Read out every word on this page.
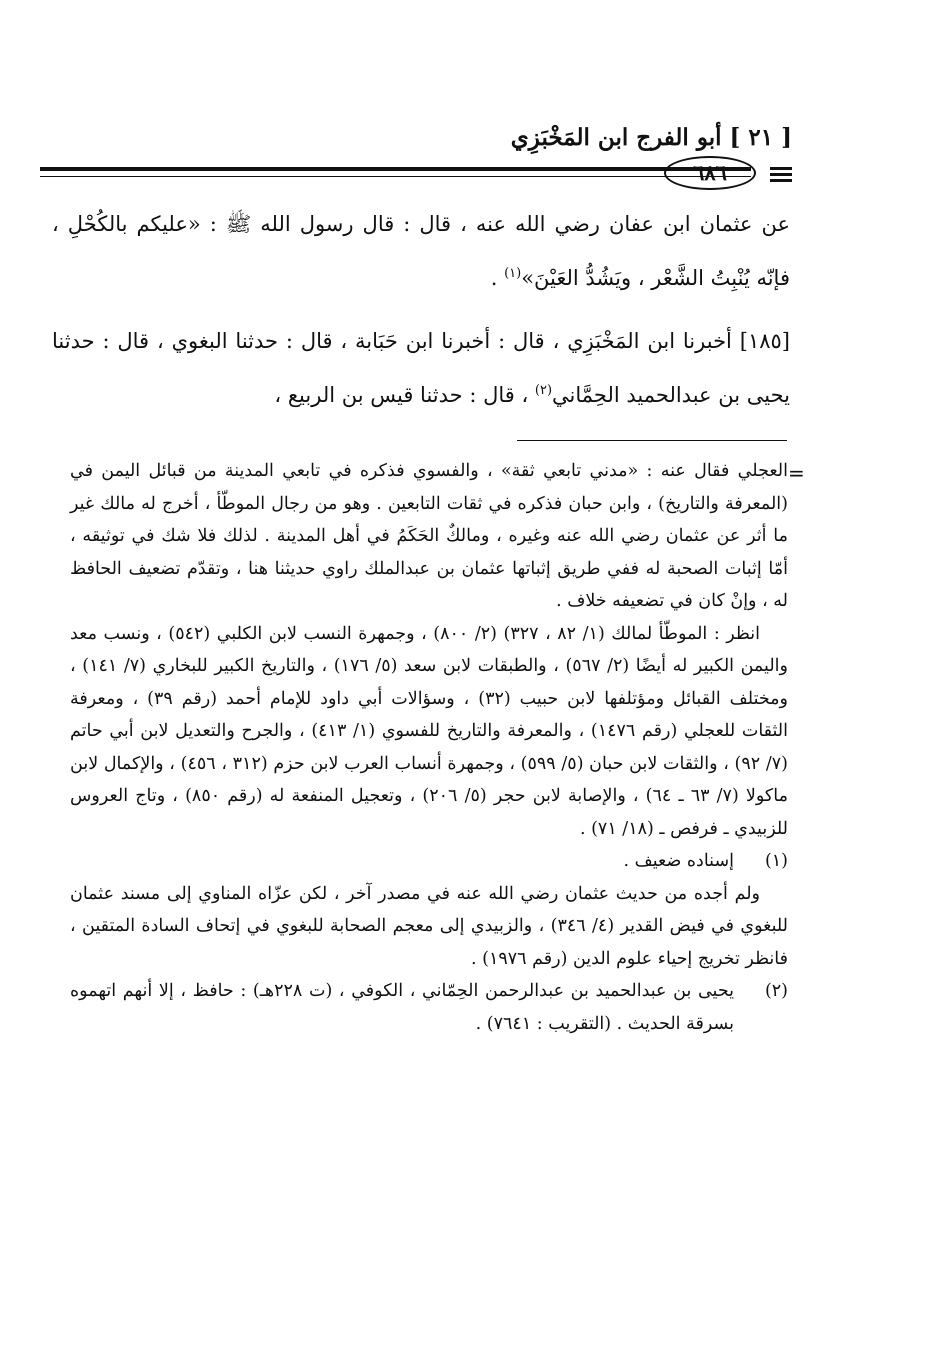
[ ٢١ ] أبو الفرج ابن المَخْبَزِي
٦٨٦

عن عثمان ابن عفان رضي الله عنه ، قال : قال رسول الله ﷺ : «عليكم بالكُحْلِ ، فإنّه يُنْبِتُ الشَّعْر ، ويَشُدُّ العَيْنَ»$^{(١)}$ .

[١٨٥] أخبرنا ابن المَخْبَزِي ، قال : أخبرنا ابن حَبَابة ، قال : حدثنا البغوي ، قال : حدثنا يحيى بن عبدالحميد الحِمَّاني$^{(٢)}$ ، قال : حدثنا قيس بن الربيع ،

=
العجلي فقال عنه : «مدني تابعي ثقة» ، والفسوي فذكره في تابعي المدينة من قبائل اليمن في (المعرفة والتاريخ) ، وابن حبان فذكره في ثقات التابعين . وهو من رجال الموطّأ ، أخرج له مالك غير ما أثر عن عثمان رضي الله عنه وغيره ، ومالكٌ الحَكَمُ في أهل المدينة . لذلك فلا شك في توثيقه ، أمّا إثبات الصحبة له ففي طريق إثباتها عثمان بن عبدالملك راوي حديثنا هنا ، وتقدّم تضعيف الحافظ له ، وإنْ كان في تضعيفه خلاف .
انظر : الموطّأ لمالك (١/ ٨٢ ، ٣٢٧) (٢/ ٨٠٠) ، وجمهرة النسب لابن الكلبي (٥٤٢) ، ونسب معد واليمن الكبير له أيضًا (٢/ ٥٦٧) ، والطبقات لابن سعد (٥/ ١٧٦) ، والتاريخ الكبير للبخاري (٧/ ١٤١) ، ومختلف القبائل ومؤتلفها لابن حبيب (٣٢) ، وسؤالات أبي داود للإمام أحمد (رقم ٣٩) ، ومعرفة الثقات للعجلي (رقم ١٤٧٦) ، والمعرفة والتاريخ للفسوي (١/ ٤١٣) ، والجرح والتعديل لابن أبي حاتم (٧/ ٩٢) ، والثقات لابن حبان (٥/ ٥٩٩) ، وجمهرة أنساب العرب لابن حزم (٣١٢ ، ٤٥٦) ، والإكمال لابن ماكولا (٧/ ٦٣ ـ ٦٤) ، والإصابة لابن حجر (٥/ ٢٠٦) ، وتعجيل المنفعة له (رقم ٨٥٠) ، وتاج العروس للزبيدي ـ فرفص ـ (١٨/ ٧١) .
(١)
إسناده ضعيف .
ولم أجده من حديث عثمان رضي الله عنه في مصدر آخر ، لكن عزّاه المناوي إلى مسند عثمان للبغوي في فيض القدير (٤/ ٣٤٦) ، والزبيدي إلى معجم الصحابة للبغوي في إتحاف السادة المتقين ، فانظر تخريج إحياء علوم الدين (رقم ١٩٧٦) .
(٢)
يحيى بن عبدالحميد بن عبدالرحمن الحِمّاني ، الكوفي ، (ت ٢٢٨هـ) : حافظ ، إلا أنهم اتهموه بسرقة الحديث . (التقريب : ٧٦٤١) .
